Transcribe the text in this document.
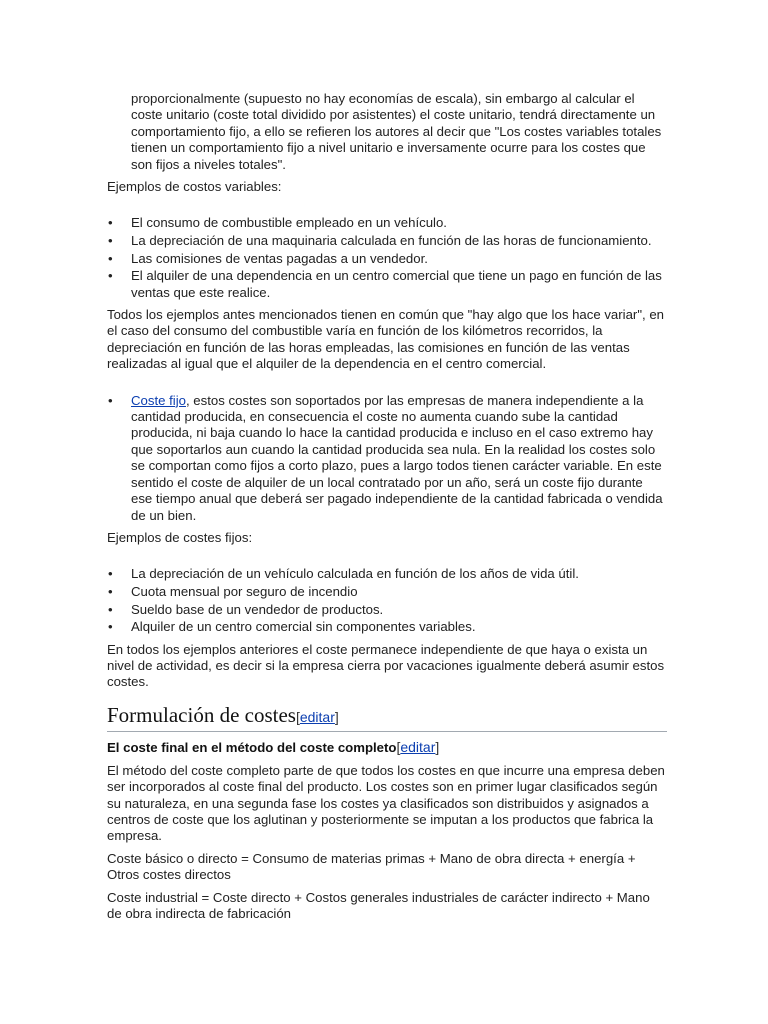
proporcionalmente (supuesto no hay economías de escala), sin embargo al calcular el coste unitario (coste total dividido por asistentes) el coste unitario, tendrá directamente un comportamiento fijo, a ello se refieren los autores al decir que "Los costes variables totales tienen un comportamiento fijo a nivel unitario e inversamente ocurre para los costes que son fijos a niveles totales".

Ejemplos de costos variables:

• El consumo de combustible empleado en un vehículo.
• La depreciación de una maquinaria calculada en función de las horas de funcionamiento.
• Las comisiones de ventas pagadas a un vendedor.
• El alquiler de una dependencia en un centro comercial que tiene un pago en función de las ventas que este realice.

Todos los ejemplos antes mencionados tienen en común que "hay algo que los hace variar", en el caso del consumo del combustible varía en función de los kilómetros recorridos, la depreciación en función de las horas empleadas, las comisiones en función de las ventas realizadas al igual que el alquiler de la dependencia en el centro comercial.

• Coste fijo, estos costes son soportados por las empresas de manera independiente a la cantidad producida, en consecuencia el coste no aumenta cuando sube la cantidad producida, ni baja cuando lo hace la cantidad producida e incluso en el caso extremo hay que soportarlos aun cuando la cantidad producida sea nula. En la realidad los costes solo se comportan como fijos a corto plazo, pues a largo todos tienen carácter variable. En este sentido el coste de alquiler de un local contratado por un año, será un coste fijo durante ese tiempo anual que deberá ser pagado independiente de la cantidad fabricada o vendida de un bien.

Ejemplos de costes fijos:

• La depreciación de un vehículo calculada en función de los años de vida útil.
• Cuota mensual por seguro de incendio
• Sueldo base de un vendedor de productos.
• Alquiler de un centro comercial sin componentes variables.

En todos los ejemplos anteriores el coste permanece independiente de que haya o exista un nivel de actividad, es decir si la empresa cierra por vacaciones igualmente deberá asumir estos costes.

Formulación de costes[editar]
El coste final en el método del coste completo[editar]

El método del coste completo parte de que todos los costes en que incurre una empresa deben ser incorporados al coste final del producto. Los costes son en primer lugar clasificados según su naturaleza, en una segunda fase los costes ya clasificados son distribuidos y asignados a centros de coste que los aglutinan y posteriormente se imputan a los productos que fabrica la empresa.

Coste básico o directo = Consumo de materias primas + Mano de obra directa + energía + Otros costes directos

Coste industrial = Coste directo + Costos generales industriales de carácter indirecto + Mano de obra indirecta de fabricación
